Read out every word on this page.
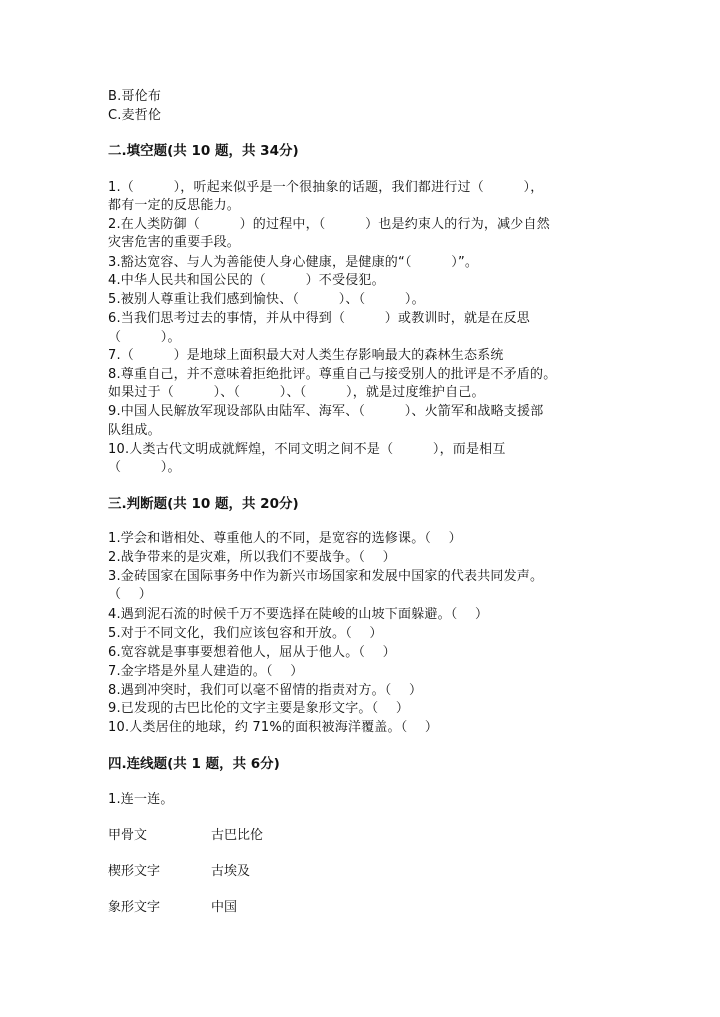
B.哥伦布
C.麦哲伦
二.填空题(共 10 题，共 34分)
1.（　　　），听起来似乎是一个很抽象的话题，我们都进行过（　　　），
都有一定的反思能力。
2.在人类防御（　　　）的过程中，（　　　）也是约束人的行为，减少自然
灾害危害的重要手段。
3.豁达宽容、与人为善能使人身心健康，是健康的“（　　　）”。
4.中华人民共和国公民的（　　　）不受侵犯。
5.被别人尊重让我们感到愉快、（　　　）、（　　　）。
6.当我们思考过去的事情，并从中得到（　　　）或教训时，就是在反思
（　　　）。
7.（　　　）是地球上面积最大对人类生存影响最大的森林生态系统
8.尊重自己，并不意味着拒绝批评。尊重自己与接受别人的批评是不矛盾的。
如果过于（　　　）、（　　　）、（　　　），就是过度维护自己。
9.中国人民解放军现设部队由陆军、海军、（　　　）、火箭军和战略支援部
队组成。
10.人类古代文明成就辉煌，不同文明之间不是（　　　），而是相互
（　　　）。
三.判断题(共 10 题，共 20分)
1.学会和谐相处、尊重他人的不同，是宽容的选修课。（　 ）
2.战争带来的是灾难，所以我们不要战争。（　 ）
3.金砖国家在国际事务中作为新兴市场国家和发展中国家的代表共同发声。
（　 ）
4.遇到泥石流的时候千万不要选择在陡峻的山坡下面躲避。（　 ）
5.对于不同文化，我们应该包容和开放。（　 ）
6.宽容就是事事要想着他人，屈从于他人。（　 ）
7.金字塔是外星人建造的。（　 ）
8.遇到冲突时，我们可以毫不留情的指责对方。（　 ）
9.已发现的古巴比伦的文字主要是象形文字。（　 ）
10.人类居住的地球，约 71%的面积被海洋覆盖。（　 ）
四.连线题(共 1 题，共 6分)
1.连一连。
甲骨文	古巴比伦
楔形文字	古埃及
象形文字	中国
